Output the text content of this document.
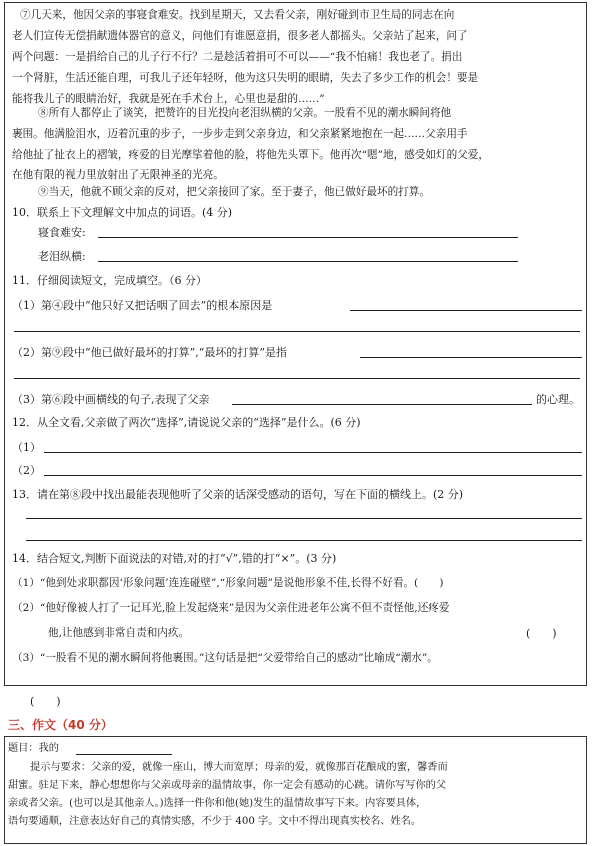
⑦几天来，他因父亲的事寝食难安。找到星期天，又去看父亲，刚好碰到市卫生局的同志在向
老人们宣传无偿捐献遗体器官的意义，问他们有谁愿意捐，很多老人都摇头。父亲站了起来，问了
两个问题：一是捐给自己的儿子行不行？二是趁活着捐可不可以——“我不怕痛！我也老了。捐出
一个肾脏，生活还能自理，可我儿子还年轻呀，他为这只失明的眼睛，失去了多少工作的机会！要是
能将我儿子的眼睛治好，我就是死在手术台上，心里也是甜的……”
⑧所有人都停止了谈笑，把赞许的目光投向老泪纵横的父亲。一股看不见的潮水瞬间将他
裹围。他满脸泪水，迈着沉重的步子，一步步走到父亲身边，和父亲紧紧地抱在一起……父亲用手
给他扯了扯衣上的褶皱，疼爱的目光摩挲着他的脸，将他先头罩下。他再次“嗯”地，感受如灯的父爱，
在他有限的视力里放射出了无限神圣的光亮。
⑨当天，他就不顾父亲的反对，把父亲接回了家。至于妻子，他已做好最坏的打算。
10．联系上下文理解文中加点的词语。(4 分)
寝食难安:
老泪纵横:
11．仔细阅读短文，完成填空。（6 分）
（1）第④段中“他只好又把话咽了回去”的根本原因是
（2）第⑨段中“他已做好最坏的打算”,“最坏的打算”是指
（3）第⑥段中画横线的句子,表现了父亲	的心理。
12．从全文看,父亲做了两次“选择”,请说说父亲的“选择”是什么。(6 分)
（1）
（2）
13．请在第⑧段中找出最能表现他听了父亲的话深受感动的语句，写在下面的横线上。(2 分)
14．结合短文,判断下面说法的对错,对的打“√”,错的打“×”。(3 分)
（1）“他到处求职都因‘形象问题’连连碰壁”,“形象问题”是说他形象不佳,长得不好看。(　　)
（2）“他好像被人打了一记耳光,脸上发起烧来”是因为父亲住进老年公寓不但不责怪他,还疼爱
他,让他感到非常自责和内疚。	(　　)
（3）“一股看不见的潮水瞬间将他裹围。”这句话是把“父爱带给自己的感动”比喻成“潮水”。
(　　)
三、作文（40 分）
题目：我的
提示与要求：父亲的爱，就像一座山，博大而宽厚；母亲的爱，就像那百花酿成的蜜，馨香而
甜蜜。驻足下来，静心想想你与父亲或母亲的温情故事，你一定会有感动的心跳。请你写写你的父
亲或者父亲。(也可以是其他亲人。)选择一件你和他(她)发生的温情故事写下来。内容要具体，
语句要通顺，注意表达好自己的真情实感，不少于 400 字。文中不得出现真实校名、姓名。
